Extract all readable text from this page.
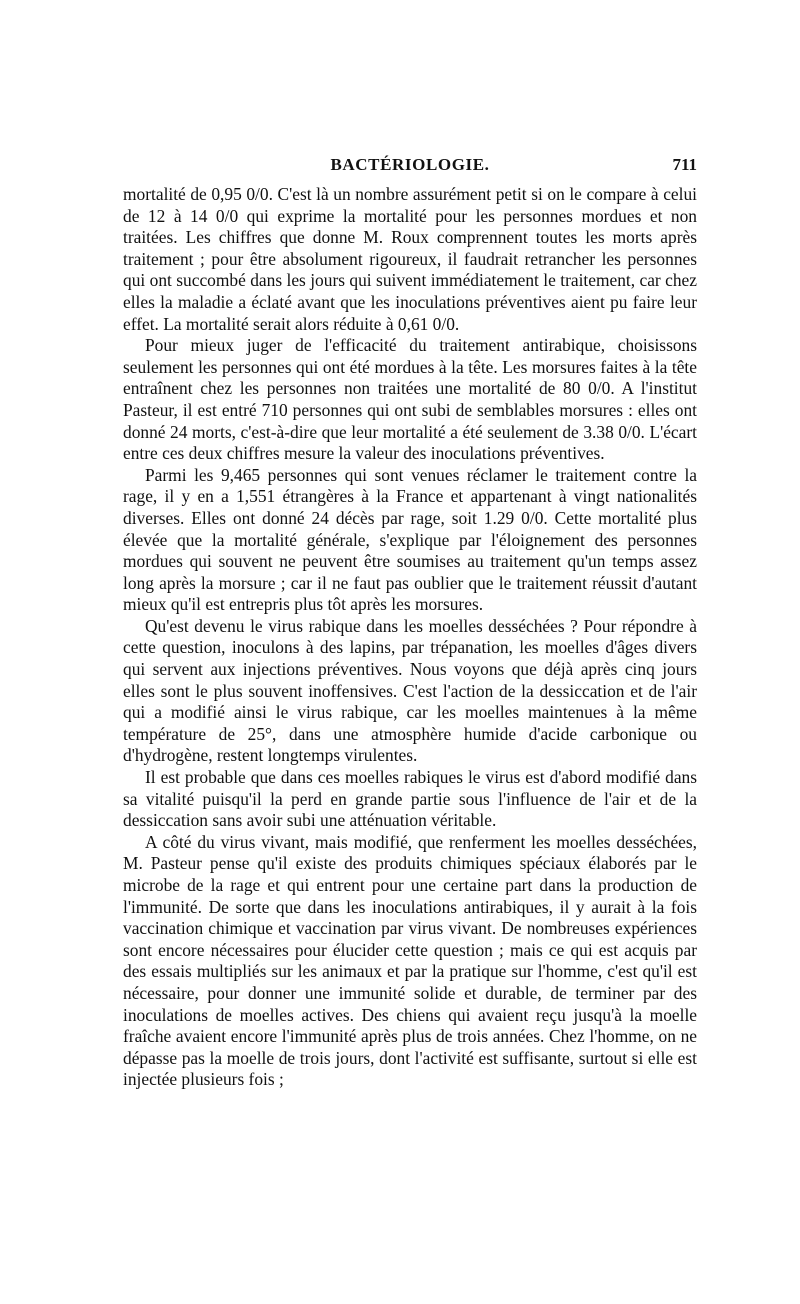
BACTÉRIOLOGIE.	711

mortalité de 0,95 0/0. C'est là un nombre assurément petit si on le compare à celui de 12 à 14 0/0 qui exprime la mortalité pour les personnes mordues et non traitées. Les chiffres que donne M. Roux comprennent toutes les morts après traitement ; pour être absolument rigoureux, il faudrait retrancher les personnes qui ont succombé dans les jours qui suivent immédiatement le traitement, car chez elles la maladie a éclaté avant que les inoculations préventives aient pu faire leur effet. La mortalité serait alors réduite à 0,61 0/0.

Pour mieux juger de l'efficacité du traitement antirabique, choisissons seulement les personnes qui ont été mordues à la tête. Les morsures faites à la tête entraînent chez les personnes non traitées une mortalité de 80 0/0. A l'institut Pasteur, il est entré 710 personnes qui ont subi de semblables morsures : elles ont donné 24 morts, c'est-à-dire que leur mortalité a été seulement de 3.38 0/0. L'écart entre ces deux chiffres mesure la valeur des inoculations préventives.

Parmi les 9,465 personnes qui sont venues réclamer le traitement contre la rage, il y en a 1,551 étrangères à la France et appartenant à vingt nationalités diverses. Elles ont donné 24 décès par rage, soit 1.29 0/0. Cette mortalité plus élevée que la mortalité générale, s'explique par l'éloignement des personnes mordues qui souvent ne peuvent être soumises au traitement qu'un temps assez long après la morsure ; car il ne faut pas oublier que le traitement réussit d'autant mieux qu'il est entrepris plus tôt après les morsures.

Qu'est devenu le virus rabique dans les moelles desséchées ? Pour répondre à cette question, inoculons à des lapins, par trépanation, les moelles d'âges divers qui servent aux injections préventives. Nous voyons que déjà après cinq jours elles sont le plus souvent inoffensives. C'est l'action de la dessiccation et de l'air qui a modifié ainsi le virus rabique, car les moelles maintenues à la même température de 25°, dans une atmosphère humide d'acide carbonique ou d'hydrogène, restent longtemps virulentes.

Il est probable que dans ces moelles rabiques le virus est d'abord modifié dans sa vitalité puisqu'il la perd en grande partie sous l'influence de l'air et de la dessiccation sans avoir subi une atténuation véritable.

A côté du virus vivant, mais modifié, que renferment les moelles desséchées, M. Pasteur pense qu'il existe des produits chimiques spéciaux élaborés par le microbe de la rage et qui entrent pour une certaine part dans la production de l'immunité. De sorte que dans les inoculations antirabiques, il y aurait à la fois vaccination chimique et vaccination par virus vivant. De nombreuses expériences sont encore nécessaires pour élucider cette question ; mais ce qui est acquis par des essais multipliés sur les animaux et par la pratique sur l'homme, c'est qu'il est nécessaire, pour donner une immunité solide et durable, de terminer par des inoculations de moelles actives. Des chiens qui avaient reçu jusqu'à la moelle fraîche avaient encore l'immunité après plus de trois années. Chez l'homme, on ne dépasse pas la moelle de trois jours, dont l'activité est suffisante, surtout si elle est injectée plusieurs fois ;
